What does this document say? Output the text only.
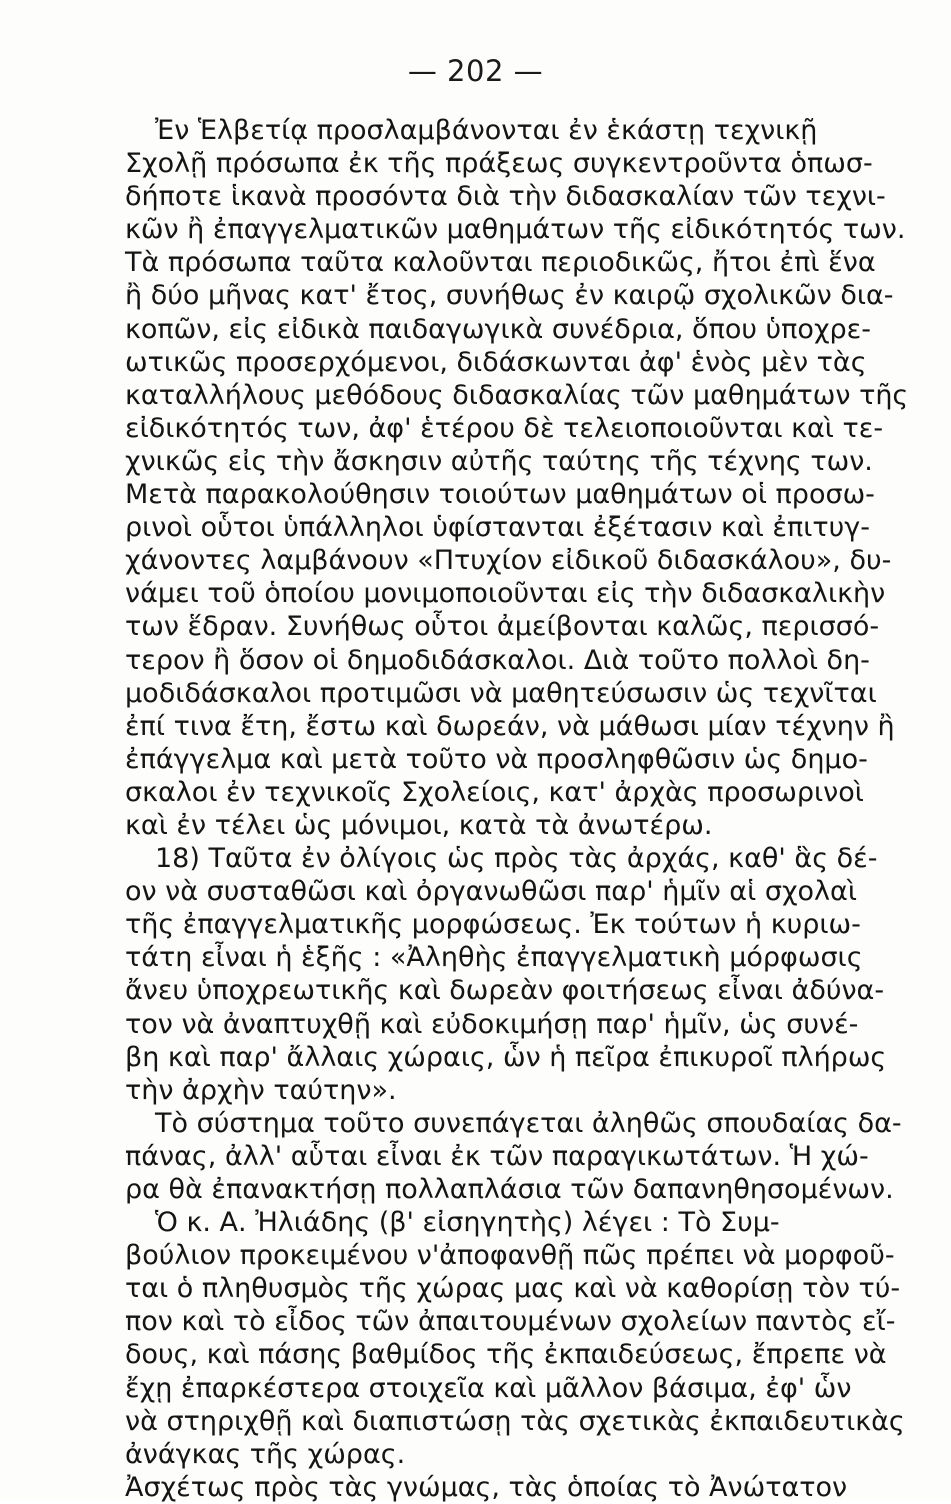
— 202 —
Ἐν Ἑλβετίᾳ προσλαμβάνονται ἐν ἑκάστῃ τεχνικῇ
Σχολῇ πρόσωπα ἐκ τῆς πράξεως συγκεντροῦντα ὁπωσ-
δήποτε ἱκανὰ προσόντα διὰ τὴν διδασκαλίαν τῶν τεχνι-
κῶν ἢ ἐπαγγελματικῶν μαθημάτων τῆς εἰδικότητός των.
Τὰ πρόσωπα ταῦτα καλοῦνται περιοδικῶς, ἤτοι ἐπὶ ἕνα
ἢ δύο μῆνας κατ' ἔτος, συνήθως ἐν καιρῷ σχολικῶν δια-
κοπῶν, εἰς εἰδικὰ παιδαγωγικὰ συνέδρια, ὅπου ὑποχρε-
ωτικῶς προσερχόμενοι, διδάσκωνται ἀφ' ἑνὸς μὲν τὰς
καταλλήλους μεθόδους διδασκαλίας τῶν μαθημάτων τῆς
εἰδικότητός των, ἀφ' ἑτέρου δὲ τελειοποιοῦνται καὶ τε-
χνικῶς εἰς τὴν ἄσκησιν αὐτῆς ταύτης τῆς τέχνης των.
Μετὰ παρακολούθησιν τοιούτων μαθημάτων οἱ προσω-
ρινοὶ οὗτοι ὑπάλληλοι ὑφίστανται ἐξέτασιν καὶ ἐπιτυγ-
χάνοντες λαμβάνουν «Πτυχίον εἰδικοῦ διδασκάλου», δυ-
νάμει τοῦ ὁποίου μονιμοποιοῦνται εἰς τὴν διδασκαλικὴν
των ἕδραν. Συνήθως οὗτοι ἀμείβονται καλῶς, περισσό-
τερον ἢ ὅσον οἱ δημοδιδάσκαλοι. Διὰ τοῦτο πολλοὶ δη-
μοδιδάσκαλοι προτιμῶσι νὰ μαθητεύσωσιν ὡς τεχνῖται
ἐπί τινα ἔτη, ἔστω καὶ δωρεάν, νὰ μάθωσι μίαν τέχνην ἢ
ἐπάγγελμα καὶ μετὰ τοῦτο νὰ προσληφθῶσιν ὡς δημο-
σκαλοι ἐν τεχνικοῖς Σχολείοις, κατ' ἀρχὰς προσωρινοὶ
καὶ ἐν τέλει ὡς μόνιμοι, κατὰ τὰ ἀνωτέρω.
18) Ταῦτα ἐν ὀλίγοις ὡς πρὸς τὰς ἀρχάς, καθ' ἃς δέ-
ον νὰ συσταθῶσι καὶ ὀργανωθῶσι παρ' ἡμῖν αἱ σχολαὶ
τῆς ἐπαγγελματικῆς μορφώσεως. Ἐκ τούτων ἡ κυριω-
τάτη εἶναι ἡ ἑξῆς : «Ἀληθὴς ἐπαγγελματικὴ μόρφωσις
ἄνευ ὑποχρεωτικῆς καὶ δωρεὰν φοιτήσεως εἶναι ἀδύνα-
τον νὰ ἀναπτυχθῇ καὶ εὐδοκιμήσῃ παρ' ἡμῖν, ὡς συνέ-
βη καὶ παρ' ἄλλαις χώραις, ὧν ἡ πεῖρα ἐπικυροῖ πλήρως
τὴν ἀρχὴν ταύτην».
Τὸ σύστημα τοῦτο συνεπάγεται ἀληθῶς σπουδαίας δα-
πάνας, ἀλλ' αὗται εἶναι ἐκ τῶν παραγικωτάτων. Ἡ χώ-
ρα θὰ ἐπανακτήσῃ πολλαπλάσια τῶν δαπανηθησομένων.
Ὁ κ. Α. Ἠλιάδης (β' εἰσηγητὴς) λέγει : Τὸ Συμ-
βούλιον προκειμένου ν'ἀποφανθῇ πῶς πρέπει νὰ μορφοῦ-
ται ὁ πληθυσμὸς τῆς χώρας μας καὶ νὰ καθορίσῃ τὸν τύ-
πον καὶ τὸ εἶδος τῶν ἀπαιτουμένων σχολείων παντὸς εἴ-
δους, καὶ πάσης βαθμίδος τῆς ἐκπαιδεύσεως, ἔπρεπε νὰ
ἔχῃ ἐπαρκέστερα στοιχεῖα καὶ μᾶλλον βάσιμα, ἐφ' ὧν
νὰ στηριχθῇ καὶ διαπιστώσῃ τὰς σχετικὰς ἐκπαιδευτικὰς
ἀνάγκας τῆς χώρας.
Ἀσχέτως πρὸς τὰς γνώμας, τὰς ὁποίας τὸ Ἀνώτατον
